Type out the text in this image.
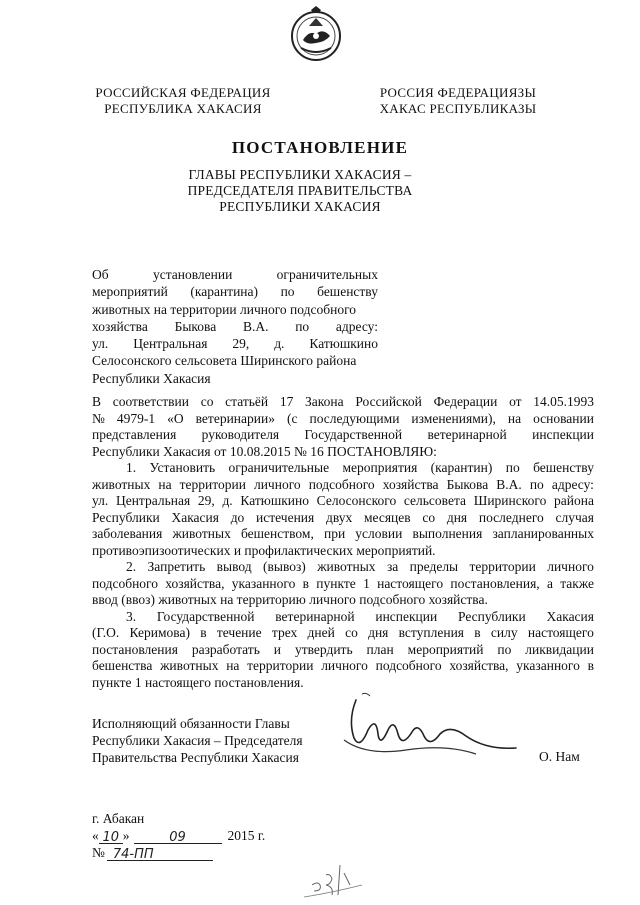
РОССИЙСКАЯ ФЕДЕРАЦИЯ
РЕСПУБЛИКА ХАКАСИЯ
РОССИЯ ФЕДЕРАЦИЯЗЫ
ХАКАС РЕСПУБЛИКАЗЫ
ПОСТАНОВЛЕНИЕ
ГЛАВЫ РЕСПУБЛИКИ ХАКАСИЯ –
ПРЕДСЕДАТЕЛЯ ПРАВИТЕЛЬСТВА
РЕСПУБЛИКИ ХАКАСИЯ
Об	установлении	ограничительных
мероприятий (карантина) по бешенству
животных на территории личного подсобного
хозяйства Быкова В.А. по адресу:
ул. Центральная 29, д. Катюшкино
Селосонского сельсовета Ширинского района
Республики Хакасия
В соответствии со статьёй 17 Закона Российской Федерации от 14.05.1993
№ 4979-1 «О ветеринарии» (с последующими изменениями), на основании
представления руководителя Государственной ветеринарной инспекции
Республики Хакасия от 10.08.2015 № 16 ПОСТАНОВЛЯЮ:
1. Установить ограничительные мероприятия (карантин) по бешенству
животных на территории личного подсобного хозяйства Быкова В.А. по адресу:
ул. Центральная 29, д. Катюшкино Селосонского сельсовета Ширинского района
Республики Хакасия до истечения двух месяцев со дня последнего случая
заболевания животных бешенством, при условии выполнения запланированных
противоэпизоотических и профилактических мероприятий.
2. Запретить вывод (вывоз) животных за пределы территории личного
подсобного хозяйства, указанного в пункте 1 настоящего постановления, а также
ввод (ввоз) животных на территорию личного подсобного хозяйства.
3. Государственной ветеринарной инспекции Республики Хакасия
(Г.О. Керимова) в течение трех дней со дня вступления в силу настоящего
постановления разработать и утвердить план мероприятий по ликвидации
бешенства животных на территории личного подсобного хозяйства, указанного в
пункте 1 настоящего постановления.
Исполняющий обязанности Главы
Республики Хакасия – Председателя
Правительства Республики Хакасия	О. Нам
г. Абакан
« 10 »	09	2015 г.
№ 74-ПП
